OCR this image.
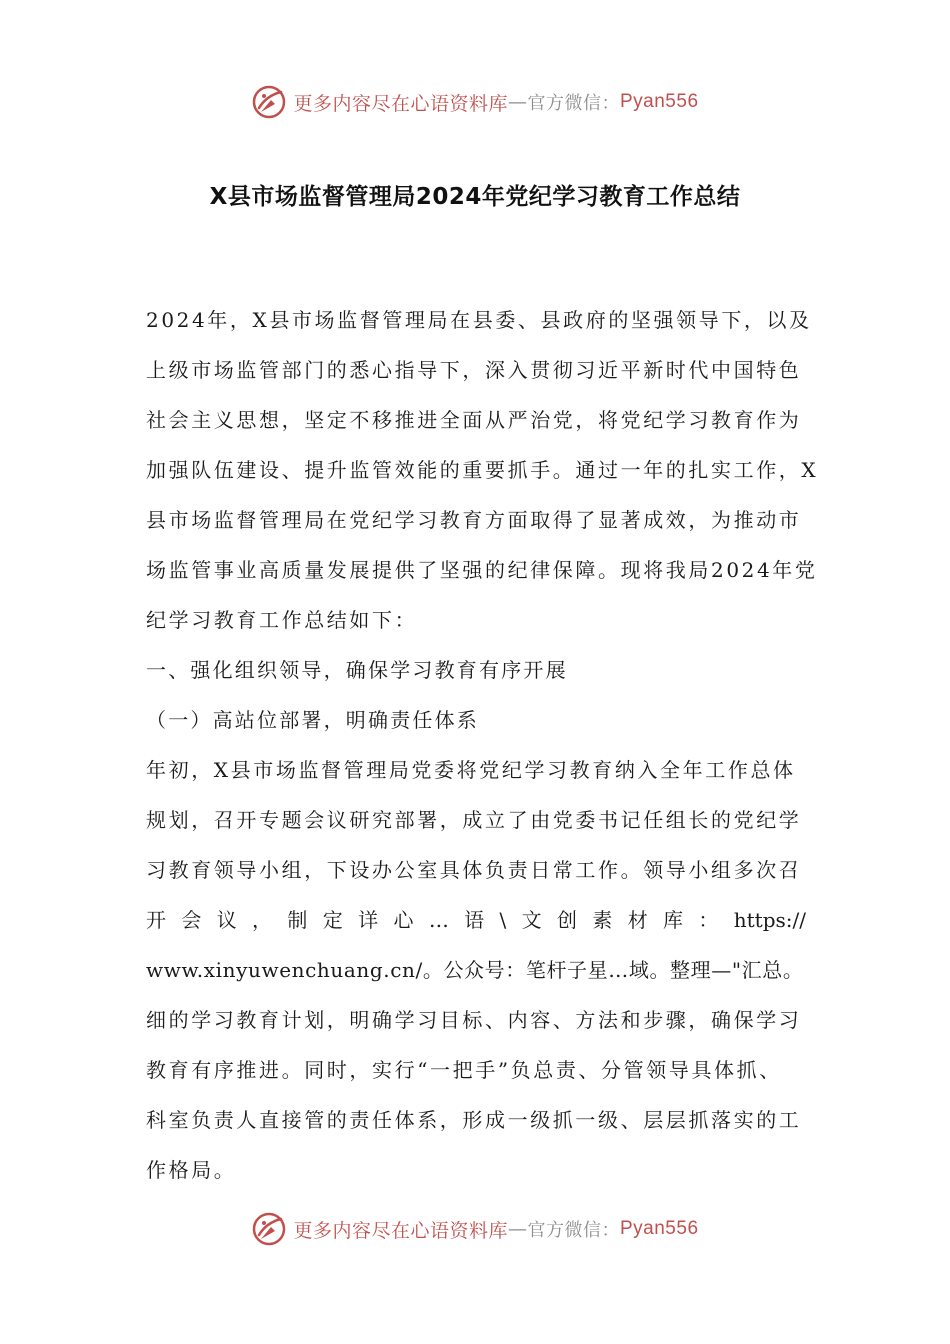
更多内容尽在心语资料库 — 官方微信： Pyan556
X县市场监督管理局2024年党纪学习教育工作总结
2024年，X县市场监督管理局在县委、县政府的坚强领导下，以及
上级市场监管部门的悉心指导下，深入贯彻习近平新时代中国特色
社会主义思想，坚定不移推进全面从严治党，将党纪学习教育作为
加强队伍建设、提升监管效能的重要抓手。通过一年的扎实工作，X
县市场监督管理局在党纪学习教育方面取得了显著成效，为推动市
场监管事业高质量发展提供了坚强的纪律保障。现将我局2024年党
纪学习教育工作总结如下：
一、强化组织领导，确保学习教育有序开展
（一）高站位部署，明确责任体系
年初，X县市场监督管理局党委将党纪学习教育纳入全年工作总体
规划，召开专题会议研究部署，成立了由党委书记任组长的党纪学
习教育领导小组，下设办公室具体负责日常工作。领导小组多次召
开会议，制定详心…语\文创素材库：https://
www.xinyuwenchuang.cn/。公众号：笔杆子星…域。整理—"汇总。
细的学习教育计划，明确学习目标、内容、方法和步骤，确保学习
教育有序推进。同时，实行“一把手”负总责、分管领导具体抓、
科室负责人直接管的责任体系，形成一级抓一级、层层抓落实的工
作格局。
更多内容尽在心语资料库 — 官方微信： Pyan556
